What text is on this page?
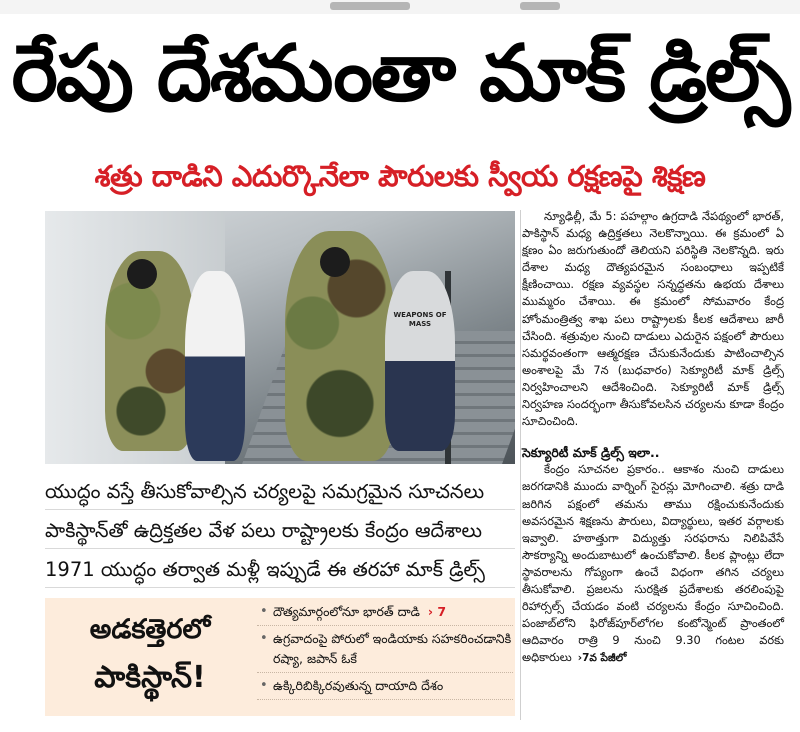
రేపు దేశమంతా మాక్ డ్రిల్స్
శత్రు దాడిని ఎదుర్కొనేలా పౌరులకు స్వీయ రక్షణపై శిక్షణ
WEAPONS OF MASS
యుద్ధం వస్తే తీసుకోవాల్సిన చర్యలపై సమగ్రమైన సూచనలు
పాకిస్థాన్‌తో ఉద్రిక్తతల వేళ పలు రాష్ట్రాలకు కేంద్రం ఆదేశాలు
1971 యుద్ధం తర్వాత మళ్లీ ఇప్పుడే ఈ తరహా మాక్ డ్రిల్స్
అడకత్తెరలో
పాకిస్థాన్!
• దౌత్యమార్గంలోనూ భారత్ దాడి › 7
• ఉగ్రవాదంపై పోరులో ఇండియాకు సహకరించడానికి రష్యా, జపాన్ ఓకే
• ఉక్కిరిబిక్కిరవుతున్న దాయాది దేశం

న్యూఢిల్లీ, మే 5: పహల్గాం ఉగ్రదాడి నేపథ్యంలో భారత్, పాకిస్థాన్ మధ్య ఉద్రిక్తతలు నెలకొన్నాయి. ఈ క్రమంలో ఏ క్షణం ఏం జరుగుతుందో తెలియని పరిస్థితి నెలకొన్నది. ఇరు దేశాల మధ్య దౌత్యపరమైన సంబంధాలు ఇప్పటికే క్షీణించాయి. రక్షణ వ్యవస్థల సన్నద్ధతను ఉభయ దేశాలు ముమ్మరం చేశాయి. ఈ క్రమంలో సోమవారం కేంద్ర హోంమంత్రిత్వ శాఖ పలు రాష్ట్రాలకు కీలక ఆదేశాలు జారీ చేసింది. శత్రువుల నుంచి దాడులు ఎదురైన పక్షంలో పౌరులు సమర్థవంతంగా ఆత్మరక్షణ చేసుకునేందుకు పాటించాల్సిన అంశాలపై మే 7న (బుధవారం) సెక్యూరిటీ మాక్ డ్రిల్స్ నిర్వహించాలని ఆదేశించింది. సెక్యూరిటీ మాక్ డ్రిల్స్ నిర్వహణ సందర్భంగా తీసుకోవలసిన చర్యలను కూడా కేంద్రం సూచించింది.

సెక్యూరిటీ మాక్ డ్రిల్స్ ఇలా..

కేంద్రం సూచనల ప్రకారం.. ఆకాశం నుంచి దాడులు జరగడానికి ముందు వార్నింగ్ సైరన్లు మోగించాలి. శత్రు దాడి జరిగిన పక్షంలో తమను తాము రక్షించుకునేందుకు అవసరమైన శిక్షణను పౌరులు, విద్యార్థులు, ఇతర వర్గాలకు ఇవ్వాలి. హఠాత్తుగా విద్యుత్తు సరఫరాను నిలిపివేసే సౌకర్యాన్ని అందుబాటులో ఉంచుకోవాలి. కీలక ప్లాంట్లు లేదా స్థావరాలను గోప్యంగా ఉంచే విధంగా తగిన చర్యలు తీసుకోవాలి. ప్రజలను సురక్షిత ప్రదేశాలకు తరలింపుపై రిహార్సల్స్ చేయడం వంటి చర్యలను కేంద్రం సూచించింది. పంజాబ్‌లోని ఫిరోజ్‌పూర్‌లోగల కంటోన్మెంట్ ప్రాంతంలో ఆదివారం రాత్రి 9 నుంచి 9.30 గంటల వరకు అధికారులు ›7వ పేజీలో
